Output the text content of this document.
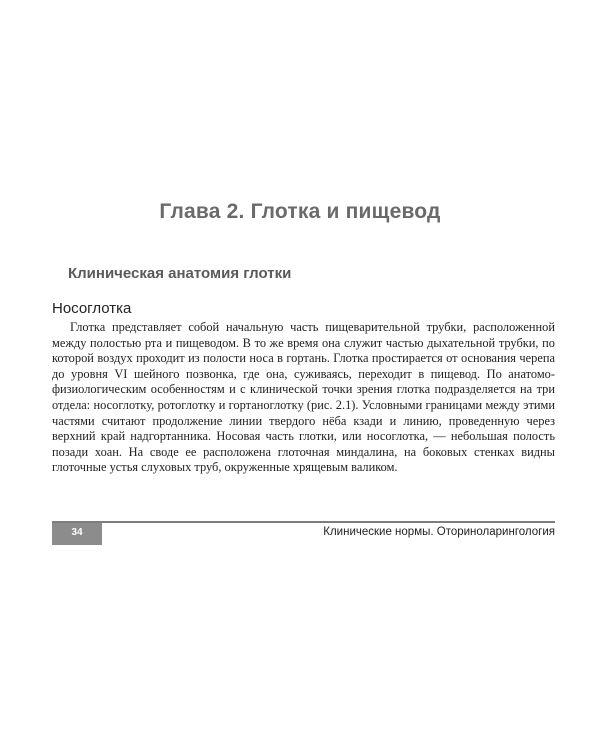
Глава 2. Глотка и пищевод
Клиническая анатомия глотки
Носоглотка

Глотка представляет собой начальную часть пищеварительной трубки, расположенной между полостью рта и пищеводом. В то же время она служит частью дыхательной трубки, по которой воздух проходит из полости носа в гортань. Глотка простирается от основания черепа до уровня VI шейного позвонка, где она, суживаясь, переходит в пищевод. По анатомо-физиологическим особенностям и с клинической точки зрения глотка подразделяется на три отдела: носоглотку, ротоглотку и гортаноглотку (рис. 2.1). Условными границами между этими частями считают продолжение линии твердого нёба кзади и линию, проведенную через верхний край надгортанника. Носовая часть глотки, или носоглотка, — небольшая полость позади хоан. На своде ее расположена глоточная миндалина, на боковых стенках видны глоточные устья слуховых труб, окруженные хрящевым валиком.

34	Клинические нормы. Оториноларингология
